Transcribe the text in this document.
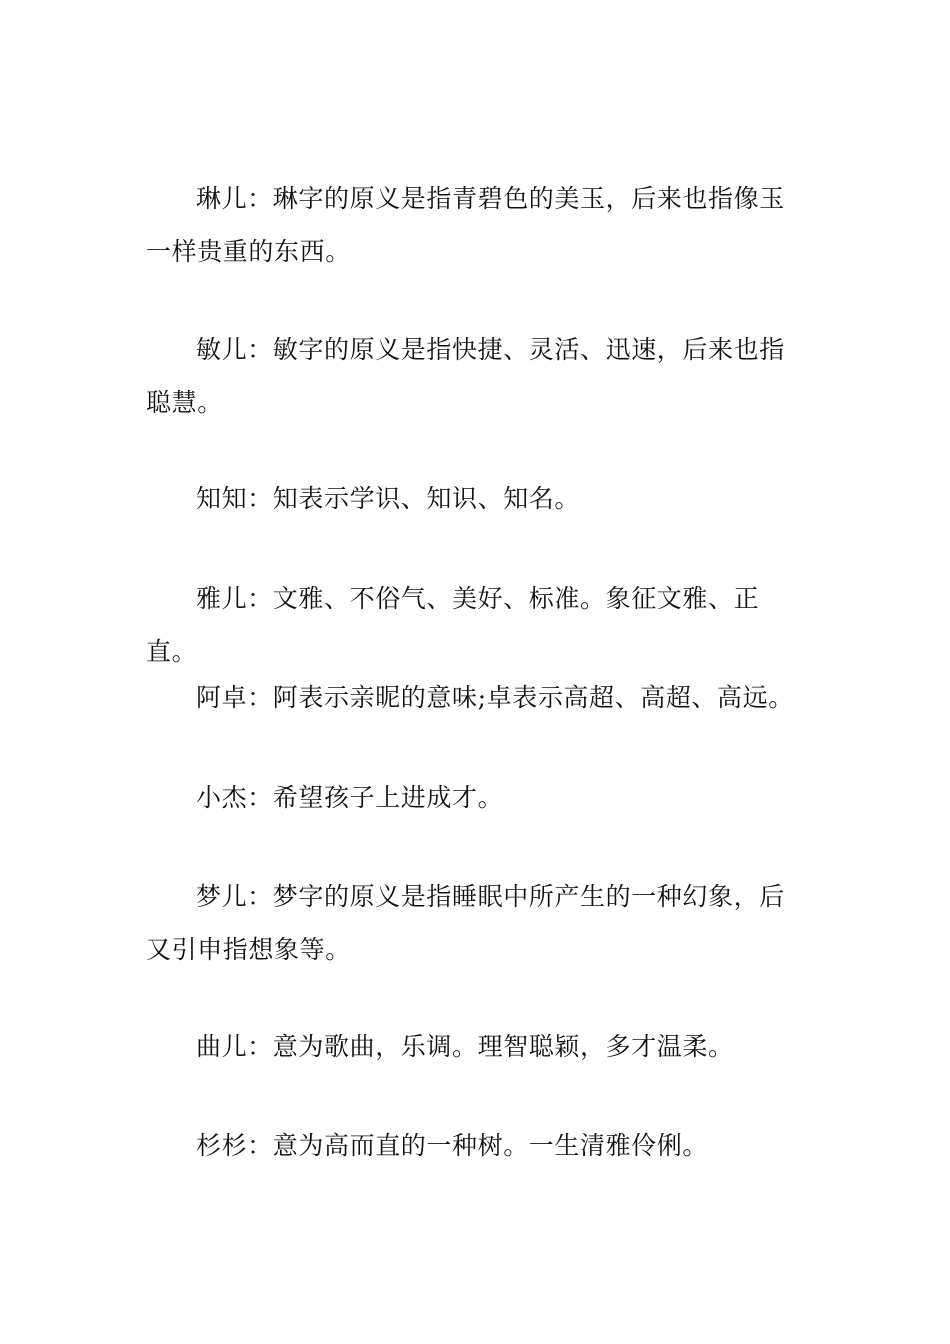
琳儿：琳字的原义是指青碧色的美玉，后来也指像玉一样贵重的东西。

敏儿：敏字的原义是指快捷、灵活、迅速，后来也指聪慧。

知知：知表示学识、知识、知名。

雅儿：文雅、不俗气、美好、标准。象征文雅、正直。

阿卓：阿表示亲昵的意味;卓表示高超、高超、高远。

小杰：希望孩子上进成才。

梦儿：梦字的原义是指睡眠中所产生的一种幻象，后又引申指想象等。

曲儿：意为歌曲，乐调。理智聪颖，多才温柔。

杉杉：意为高而直的一种树。一生清雅伶俐。
